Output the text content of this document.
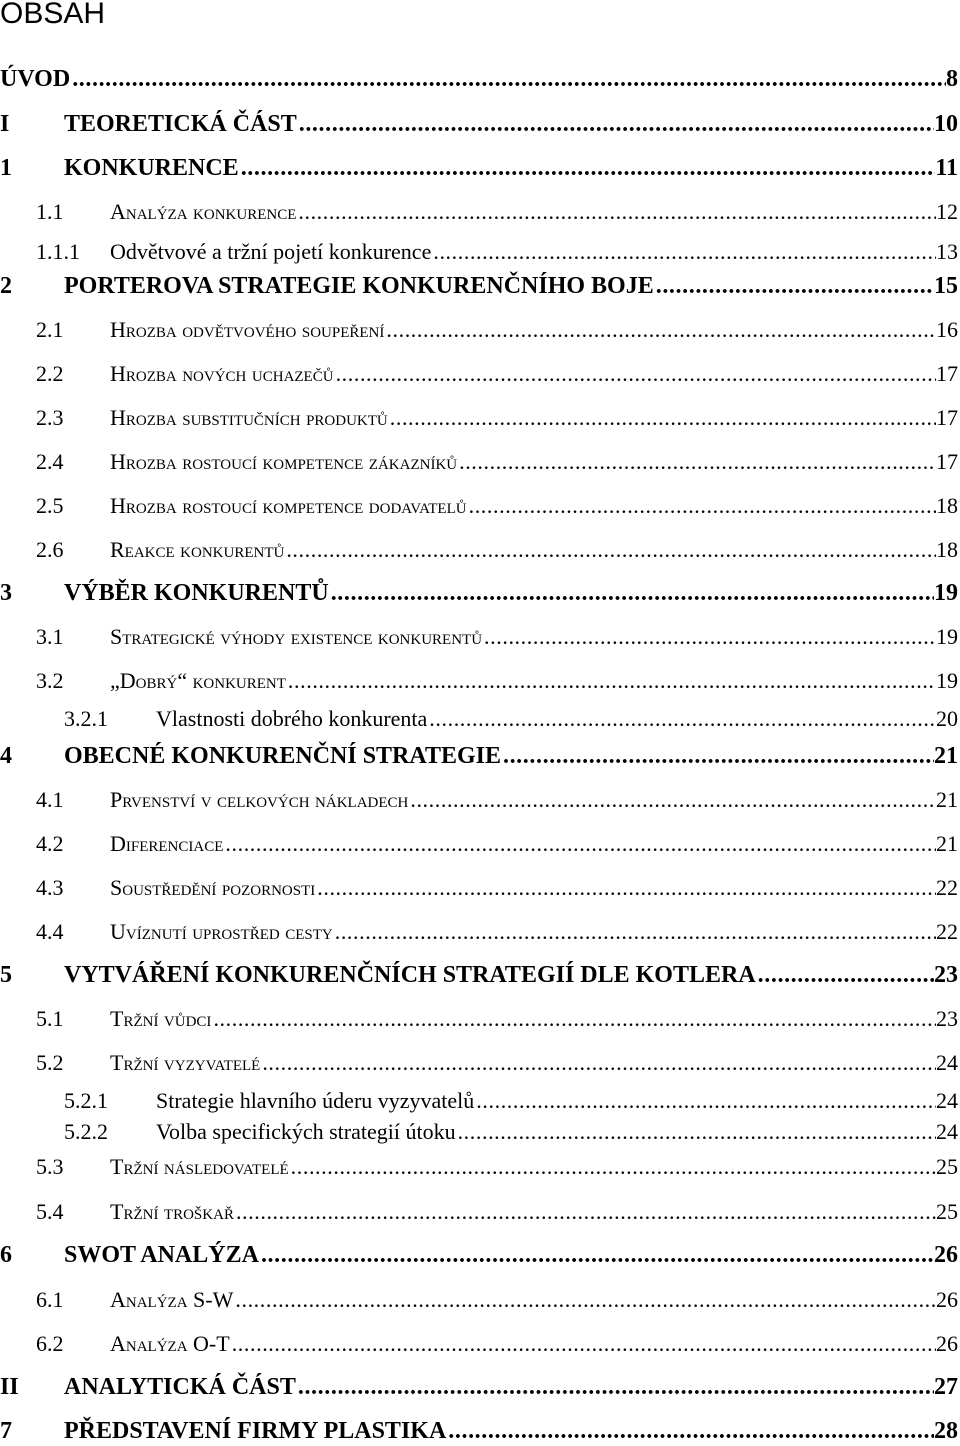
OBSAH
ÚVOD .....	8
I TEORETICKÁ ČÁST .....	10
1 KONKURENCE .....	11
1.1 Analýza konkurence .....	12
1.1.1 Odvětvové a tržní pojetí konkurence .....	13
2 PORTEROVA STRATEGIE KONKURENČNÍHO BOJE .....	15
2.1 Hrozba odvětvového soupeření .....	16
2.2 Hrozba nových uchazečů .....	17
2.3 Hrozba substitučních produktů .....	17
2.4 Hrozba rostoucí kompetence zákazníků .....	17
2.5 Hrozba rostoucí kompetence dodavatelů .....	18
2.6 Reakce konkurentů .....	18
3 VÝBĚR KONKURENTŮ .....	19
3.1 Strategické výhody existence konkurentů .....	19
3.2 „Dobrý“ konkurent .....	19
3.2.1 Vlastnosti dobrého konkurenta .....	20
4 OBECNÉ KONKURENČNÍ STRATEGIE .....	21
4.1 Prvenství v celkových nákladech .....	21
4.2 Diferenciace .....	21
4.3 Soustředění pozornosti .....	22
4.4 Uvíznutí uprostřed cesty .....	22
5 VYTVÁŘENÍ KONKURENČNÍCH STRATEGIÍ DLE KOTLERA .....	23
5.1 Tržní vůdci .....	23
5.2 Tržní vyzyvatelé .....	24
5.2.1 Strategie hlavního úderu vyzyvatelů .....	24
5.2.2 Volba specifických strategií útoku .....	24
5.3 Tržní následovatelé .....	25
5.4 Tržní troškař .....	25
6 SWOT ANALÝZA .....	26
6.1 Analýza S-W .....	26
6.2 Analýza O-T .....	26
II ANALYTICKÁ ČÁST .....	27
7 PŘEDSTAVENÍ FIRMY PLASTIKA .....	28
